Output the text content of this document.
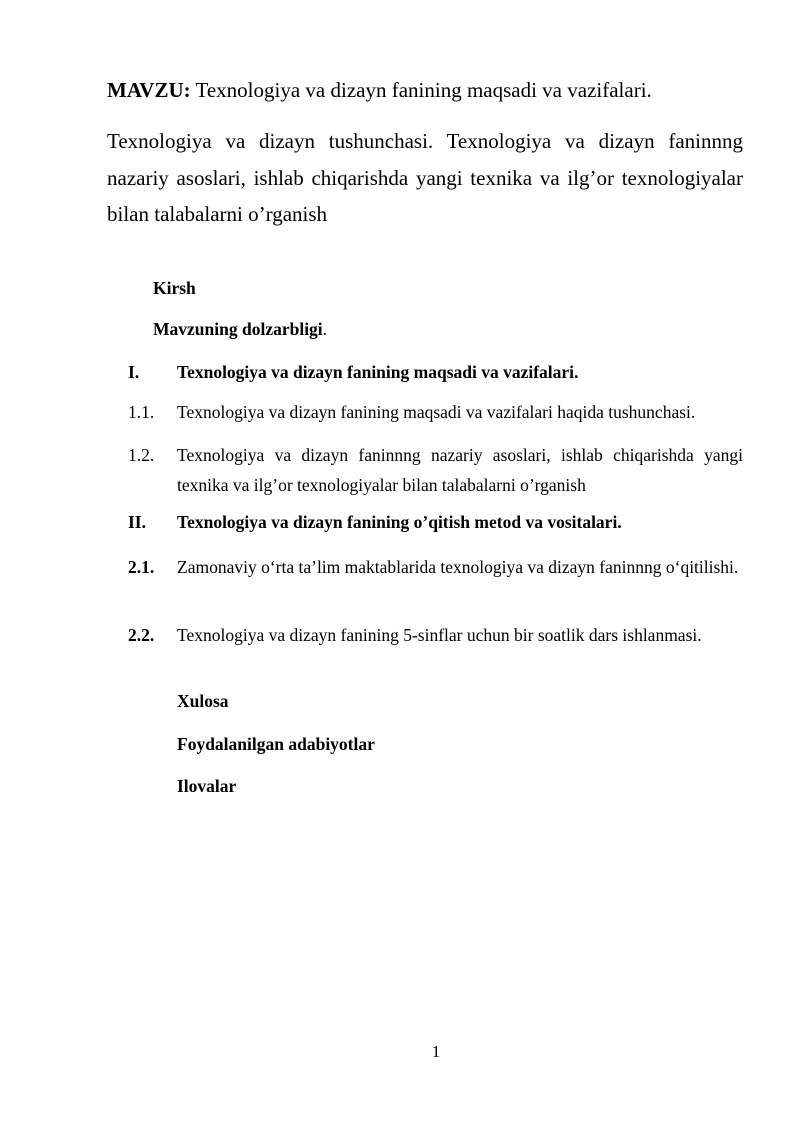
MAVZU: Texnologiya va dizayn fanining maqsadi va vazifalari.

Texnologiya va dizayn tushunchasi. Texnologiya va dizayn faninnng nazariy asoslari, ishlab chiqarishda yangi texnika va ilg’or texnologiyalar bilan talabalarni o’rganish

Kirsh
Mavzuning dolzarbligi.
I. Texnologiya va dizayn fanining maqsadi va vazifalari.
1.1. Texnologiya va dizayn fanining maqsadi va vazifalari haqida tushunchasi.
1.2. Texnologiya va dizayn faninnng nazariy asoslari, ishlab chiqarishda yangi texnika va ilg’or texnologiyalar bilan talabalarni o’rganish
II. Texnologiya va dizayn fanining o’qitish metod va vositalari.
2.1. Zamonaviy o‘rta ta’lim maktablarida texnologiya va dizayn faninnng o‘qitilishi.
2.2. Texnologiya va dizayn fanining 5-sinflar uchun bir soatlik dars ishlanmasi.
Xulosa
Foydalanilgan adabiyotlar
Ilovalar
1
